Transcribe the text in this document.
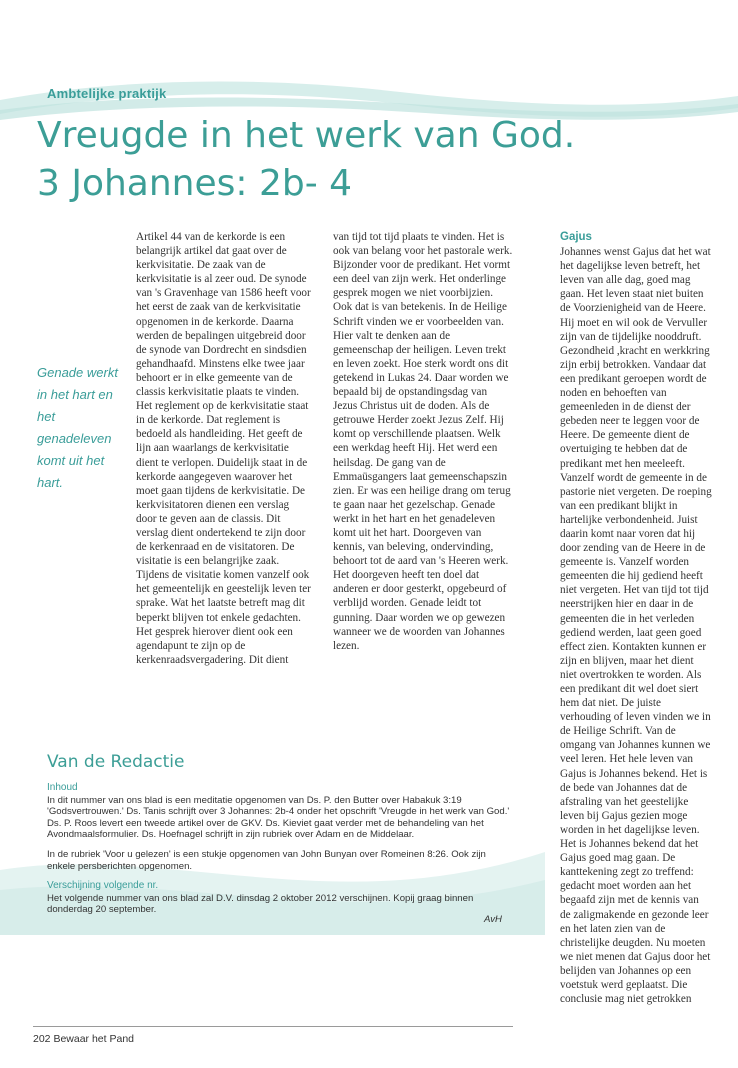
Ambtelijke praktijk
Vreugde in het werk van God.
3 Johannes: 2b- 4
Genade werkt in het hart en het genadeleven komt uit het hart.

Artikel 44 van de kerkorde is een belangrijk artikel dat gaat over de kerkvisitatie. De zaak van de kerkvisitatie is al zeer oud. De synode van 's Gravenhage van 1586 heeft voor het eerst de zaak van de kerkvisitatie opgenomen in de kerkorde. Daarna werden de bepalingen uitgebreid door de synode van Dordrecht en sindsdien gehandhaafd. Minstens elke twee jaar behoort er in elke gemeente van de classis kerkvisitatie plaats te vinden. Het reglement op de kerkvisitatie staat in de kerkorde. Dat reglement is bedoeld als handleiding. Het geeft de lijn aan waarlangs de kerkvisitatie dient te verlopen. Duidelijk staat in de kerkorde aangegeven waarover het moet gaan tijdens de kerkvisitatie. De kerkvisitatoren dienen een verslag door te geven aan de classis. Dit verslag dient ondertekend te zijn door de kerkenraad en de visitatoren. De visitatie is een belangrijke zaak. Tijdens de visitatie komen vanzelf ook het gemeentelijk en geestelijk leven ter sprake. Wat het laatste betreft mag dit beperkt blijven tot enkele gedachten. Het gesprek hierover dient ook een agendapunt te zijn op de kerkenraadsvergadering. Dit dient

van tijd tot tijd plaats te vinden. Het is ook van belang voor het pastorale werk. Bijzonder voor de predikant. Het vormt een deel van zijn werk. Het onderlinge gesprek mogen we niet voorbijzien. Ook dat is van betekenis. In de Heilige Schrift vinden we er voorbeelden van. Hier valt te denken aan de gemeenschap der heiligen. Leven trekt en leven zoekt. Hoe sterk wordt ons dit getekend in Lukas 24. Daar worden we bepaald bij de opstandingsdag van Jezus Christus uit de doden. Als de getrouwe Herder zoekt Jezus Zelf. Hij komt op verschillende plaatsen. Welk een werkdag heeft Hij. Het werd een heilsdag. De gang van de Emmaüsgangers laat gemeenschapszin zien. Er was een heilige drang om terug te gaan naar het gezelschap. Genade werkt in het hart en het genadeleven komt uit het hart. Doorgeven van kennis, van beleving, ondervinding, behoort tot de aard van 's Heeren werk. Het doorgeven heeft ten doel dat anderen er door gesterkt, opgebeurd of verblijd worden. Genade leidt tot gunning. Daar worden we op gewezen wanneer we de woorden van Johannes lezen.

Gajus

Johannes wenst Gajus dat het wat het dagelijkse leven betreft, het leven van alle dag, goed mag gaan. Het leven staat niet buiten de Voorzienigheid van de Heere. Hij moet en wil ook de Vervuller zijn van de tijdelijke nooddruft. Gezondheid ,kracht en werkkring zijn erbij betrokken. Vandaar dat een predikant geroepen wordt de noden en behoeften van gemeenleden in de dienst der gebeden neer te leggen voor de Heere. De gemeente dient de overtuiging te hebben dat de predikant met hen meeleeft. Vanzelf wordt de gemeente in de pastorie niet vergeten. De roeping van een predikant blijkt in hartelijke verbondenheid. Juist daarin komt naar voren dat hij door zending van de Heere in de gemeente is. Vanzelf worden gemeenten die hij gediend heeft niet vergeten. Het van tijd tot tijd neerstrijken hier en daar in de gemeenten die in het verleden gediend werden, laat geen goed effect zien. Kontakten kunnen er zijn en blijven, maar het dient niet overtrokken te worden. Als een predikant dit wel doet siert hem dat niet. De juiste verhouding of leven vinden we in de Heilige Schrift. Van de omgang van Johannes kunnen we veel leren. Het hele leven van Gajus is Johannes bekend. Het is de bede van Johannes dat de afstraling van het geestelijke leven bij Gajus gezien moge worden in het dagelijkse leven. Het is Johannes bekend dat het Gajus goed mag gaan. De kanttekening zegt zo treffend: gedacht moet worden aan het begaafd zijn met de kennis van de zaligmakende en gezonde leer en het laten zien van de christelijke deugden. Nu moeten we niet menen dat Gajus door het belijden van Johannes op een voetstuk werd geplaatst. Die conclusie mag niet getrokken

Van de Redactie
Inhoud

In dit nummer van ons blad is een meditatie opgenomen van Ds. P. den Butter over Habakuk 3:19 'Godsvertrouwen.' Ds. Tanis schrijft over 3 Johannes: 2b-4 onder het opschrift 'Vreugde in het werk van God.' Ds. P. Roos levert een tweede artikel over de GKV. Ds. Kieviet gaat verder met de behandeling van het Avondmaalsformulier. Ds. Hoefnagel schrijft in zijn rubriek over Adam en de Middelaar.

In de rubriek 'Voor u gelezen' is een stukje opgenomen van John Bunyan over Romeinen 8:26. Ook zijn enkele persberichten opgenomen.

Verschijning volgende nr.

Het volgende nummer van ons blad zal D.V. dinsdag 2 oktober 2012 verschijnen. Kopij graag binnen donderdag 20 september.

AvH
202 Bewaar het Pand
